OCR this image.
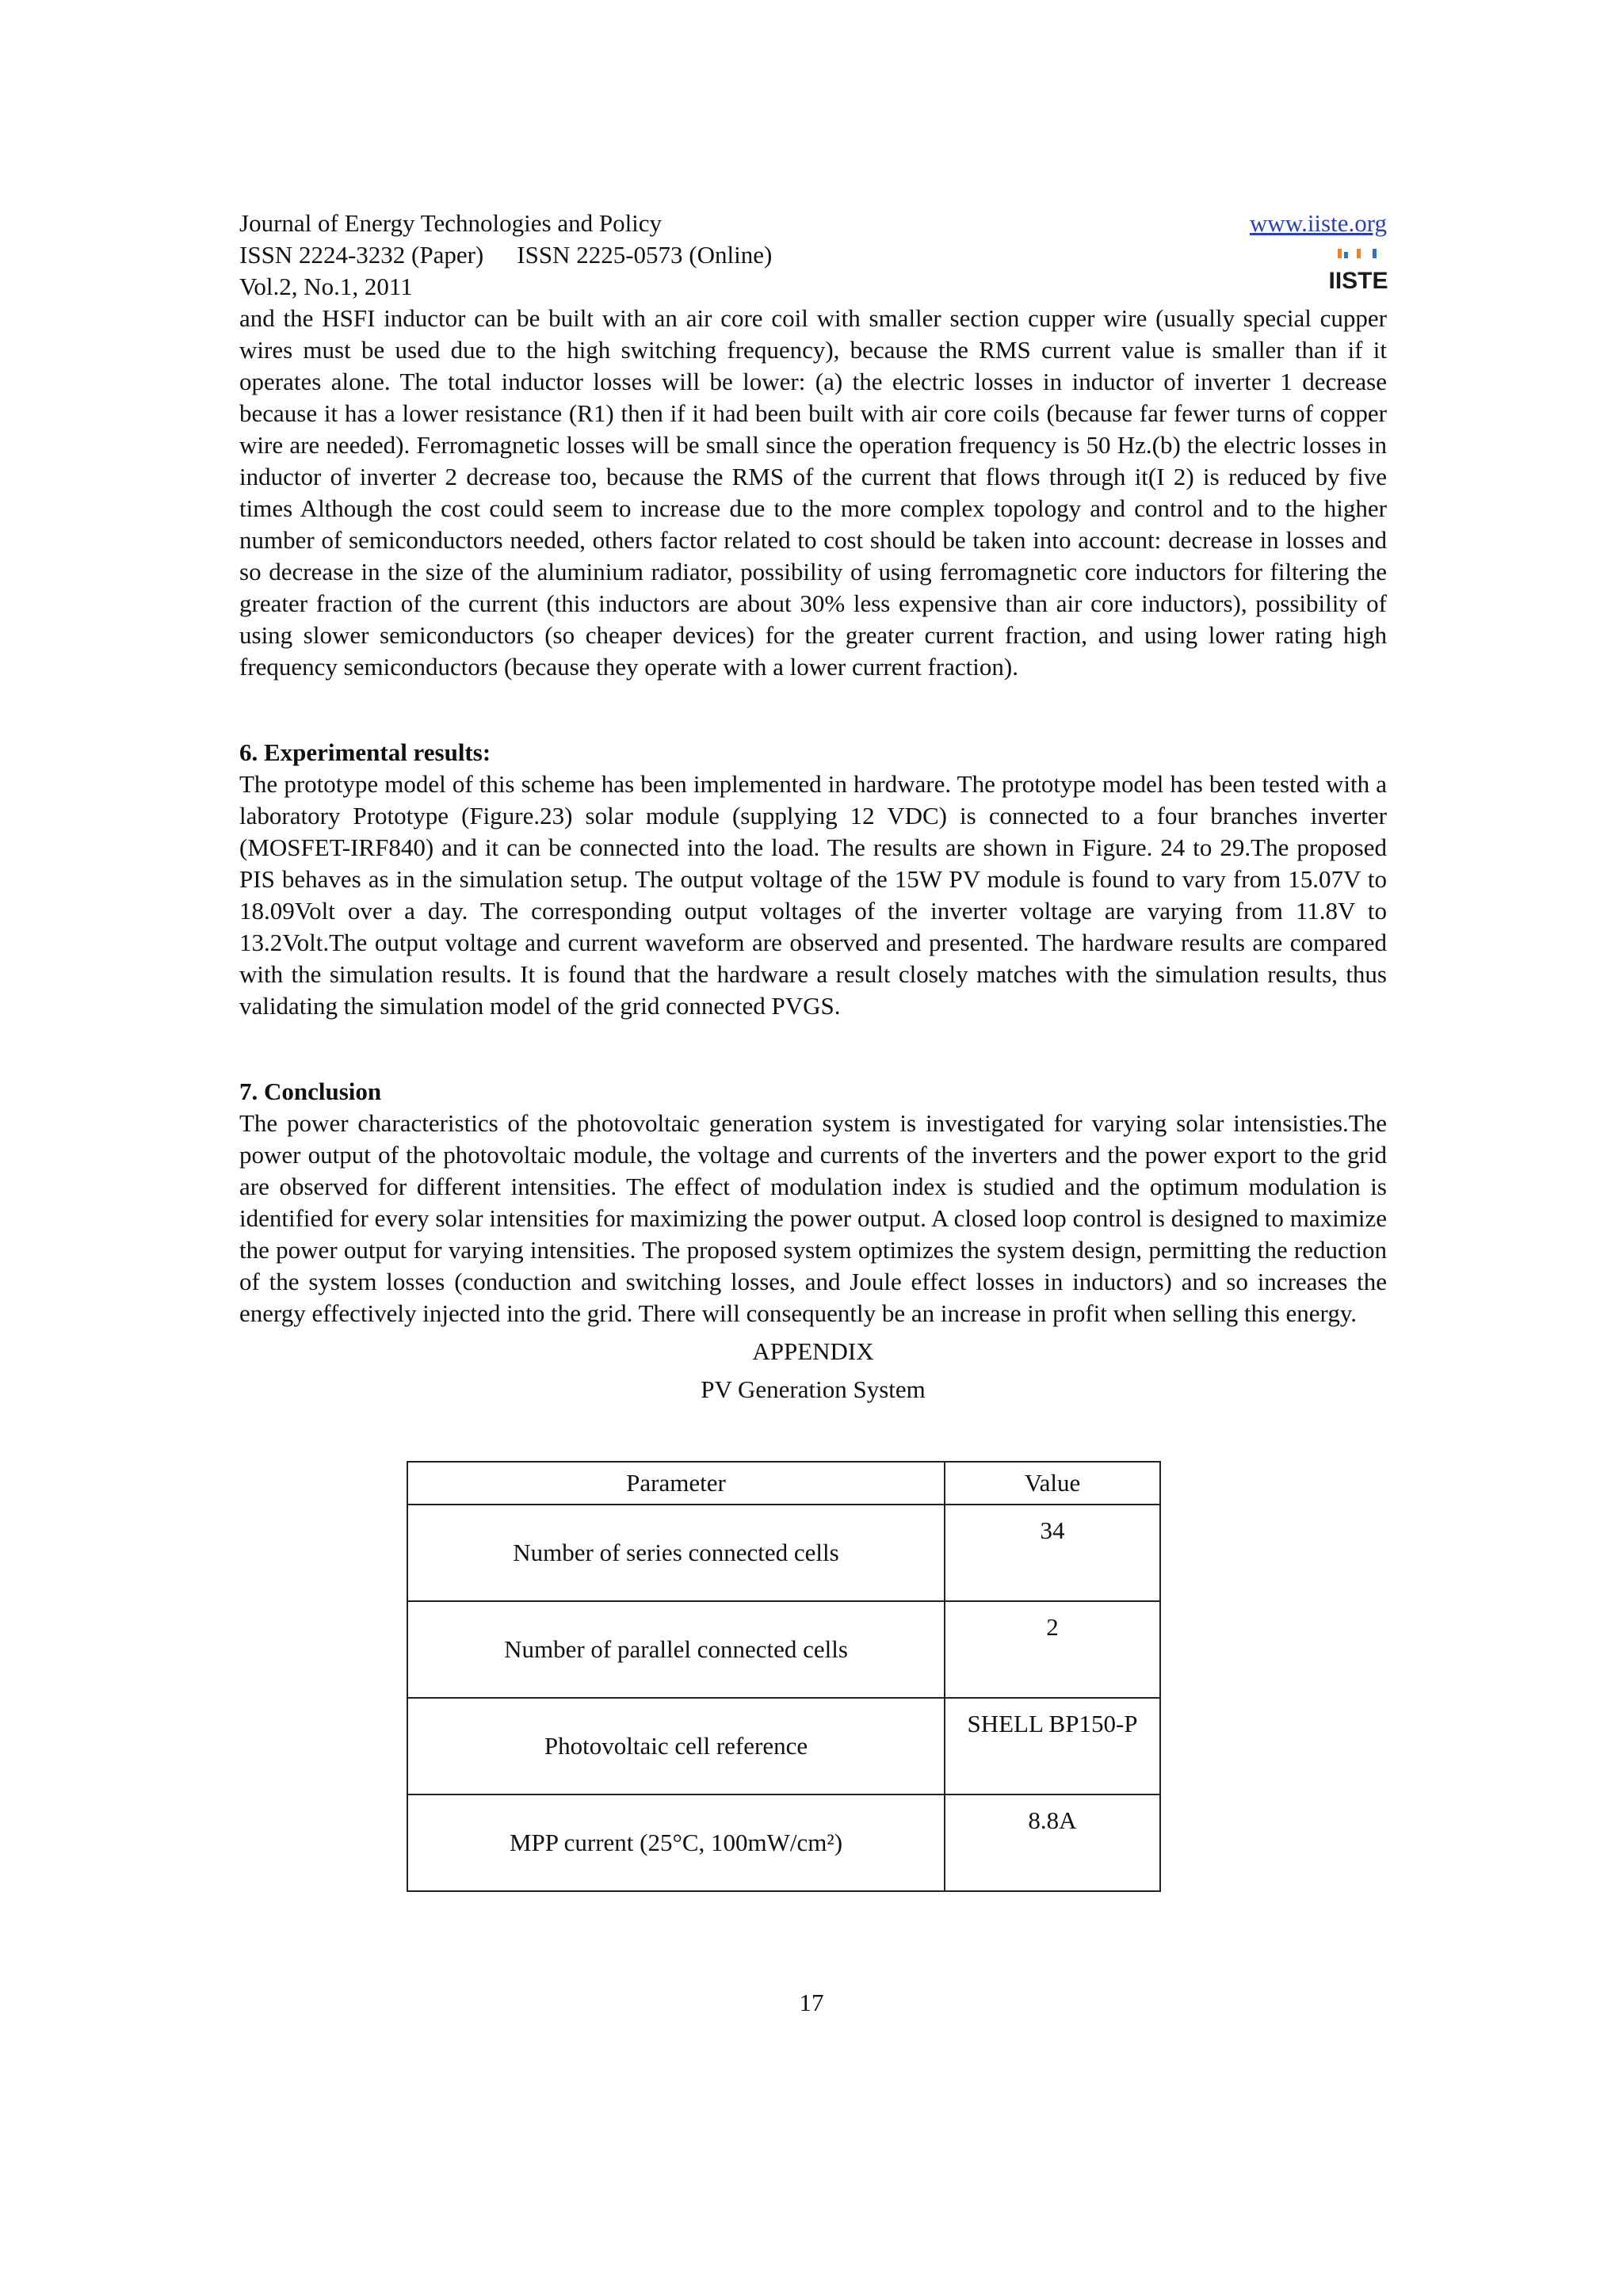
Journal of Energy Technologies and Policy	www.iiste.org
ISSN 2224-3232 (Paper) ISSN 2225-0573 (Online)
Vol.2, No.1, 2011	IISTE

and the HSFI inductor can be built with an air core coil with smaller section cupper wire (usually special cupper wires must be used due to the high switching frequency), because the RMS current value is smaller than if it operates alone. The total inductor losses will be lower: (a) the electric losses in inductor of inverter 1 decrease because it has a lower resistance (R1) then if it had been built with air core coils (because far fewer turns of copper wire are needed). Ferromagnetic losses will be small since the operation frequency is 50 Hz.(b) the electric losses in inductor of inverter 2 decrease too, because the RMS of the current that flows through it(I 2) is reduced by five times Although the cost could seem to increase due to the more complex topology and control and to the higher number of semiconductors needed, others factor related to cost should be taken into account: decrease in losses and so decrease in the size of the aluminium radiator, possibility of using ferromagnetic core inductors for filtering the greater fraction of the current (this inductors are about 30% less expensive than air core inductors), possibility of using slower semiconductors (so cheaper devices) for the greater current fraction, and using lower rating high frequency semiconductors (because they operate with a lower current fraction).

6. Experimental results:

The prototype model of this scheme has been implemented in hardware. The prototype model has been tested with a laboratory Prototype (Figure.23) solar module (supplying 12 VDC) is connected to a four branches inverter (MOSFET-IRF840) and it can be connected into the load. The results are shown in Figure. 24 to 29.The proposed PIS behaves as in the simulation setup. The output voltage of the 15W PV module is found to vary from 15.07V to 18.09Volt over a day. The corresponding output voltages of the inverter voltage are varying from 11.8V to 13.2Volt.The output voltage and current waveform are observed and presented. The hardware results are compared with the simulation results. It is found that the hardware a result closely matches with the simulation results, thus validating the simulation model of the grid connected PVGS.

7. Conclusion

The power characteristics of the photovoltaic generation system is investigated for varying solar intensisties.The power output of the photovoltaic module, the voltage and currents of the inverters and the power export to the grid are observed for different intensities. The effect of modulation index is studied and the optimum modulation is identified for every solar intensities for maximizing the power output. A closed loop control is designed to maximize the power output for varying intensities. The proposed system optimizes the system design, permitting the reduction of the system losses (conduction and switching losses, and Joule effect losses in inductors) and so increases the energy effectively injected into the grid. There will consequently be an increase in profit when selling this energy.

APPENDIX

PV Generation System

Parameter	Value
Number of series connected cells	34
Number of parallel connected cells	2
Photovoltaic cell reference	SHELL BP150-P
MPP current (25°C, 100mW/cm²)	8.8A
17
